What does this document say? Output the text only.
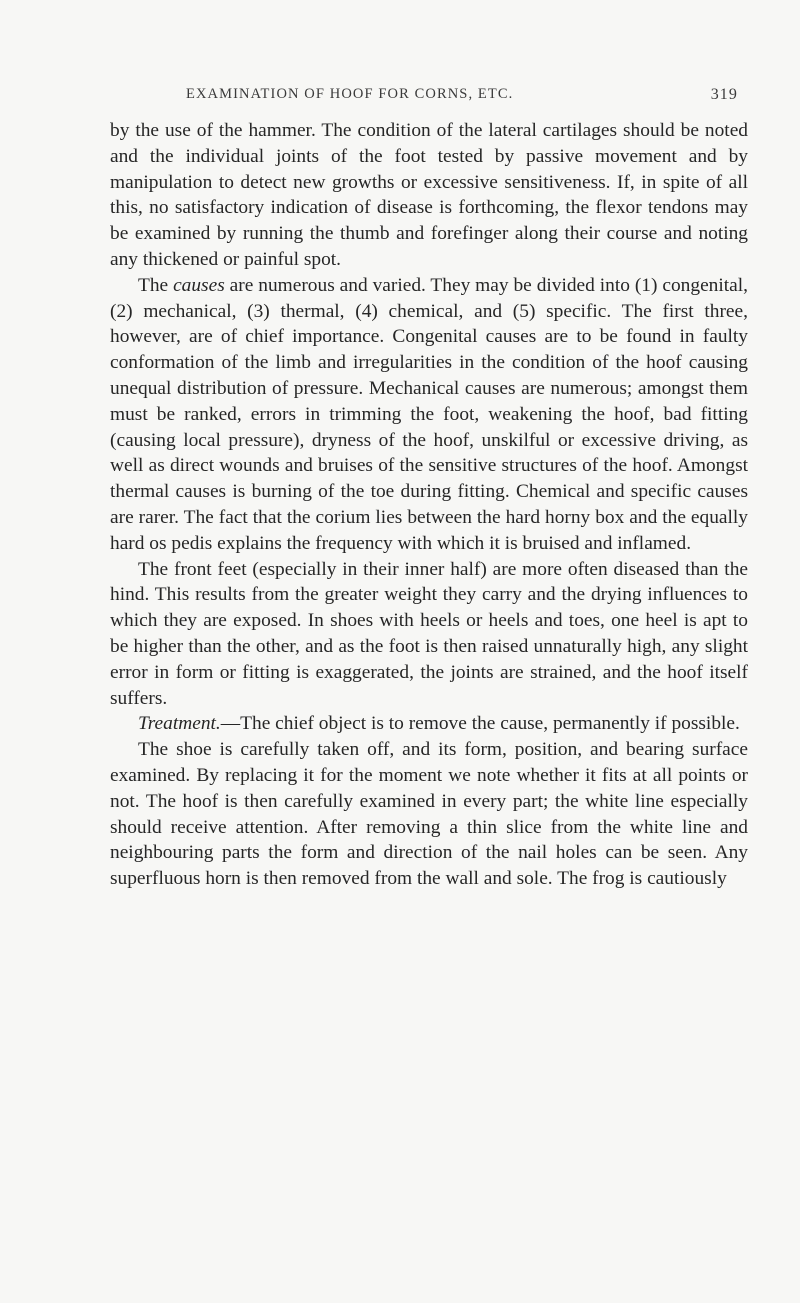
EXAMINATION OF HOOF FOR CORNS, ETC.	319

by the use of the hammer. The condition of the lateral cartilages should be noted and the individual joints of the foot tested by passive movement and by manipulation to detect new growths or excessive sensitiveness. If, in spite of all this, no satisfactory indication of disease is forthcoming, the flexor tendons may be examined by running the thumb and forefinger along their course and noting any thickened or painful spot.

The causes are numerous and varied. They may be divided into (1) congenital, (2) mechanical, (3) thermal, (4) chemical, and (5) specific. The first three, however, are of chief importance. Congenital causes are to be found in faulty conformation of the limb and irregularities in the condition of the hoof causing unequal distribution of pressure. Mechanical causes are numerous; amongst them must be ranked, errors in trimming the foot, weakening the hoof, bad fitting (causing local pressure), dryness of the hoof, unskilful or excessive driving, as well as direct wounds and bruises of the sensitive structures of the hoof. Amongst thermal causes is burning of the toe during fitting. Chemical and specific causes are rarer. The fact that the corium lies between the hard horny box and the equally hard os pedis explains the frequency with which it is bruised and inflamed.

The front feet (especially in their inner half) are more often diseased than the hind. This results from the greater weight they carry and the drying influences to which they are exposed. In shoes with heels or heels and toes, one heel is apt to be higher than the other, and as the foot is then raised unnaturally high, any slight error in form or fitting is exaggerated, the joints are strained, and the hoof itself suffers.

Treatment.—The chief object is to remove the cause, permanently if possible.

The shoe is carefully taken off, and its form, position, and bearing surface examined. By replacing it for the moment we note whether it fits at all points or not. The hoof is then carefully examined in every part; the white line especially should receive attention. After removing a thin slice from the white line and neighbouring parts the form and direction of the nail holes can be seen. Any superfluous horn is then removed from the wall and sole. The frog is cautiously
